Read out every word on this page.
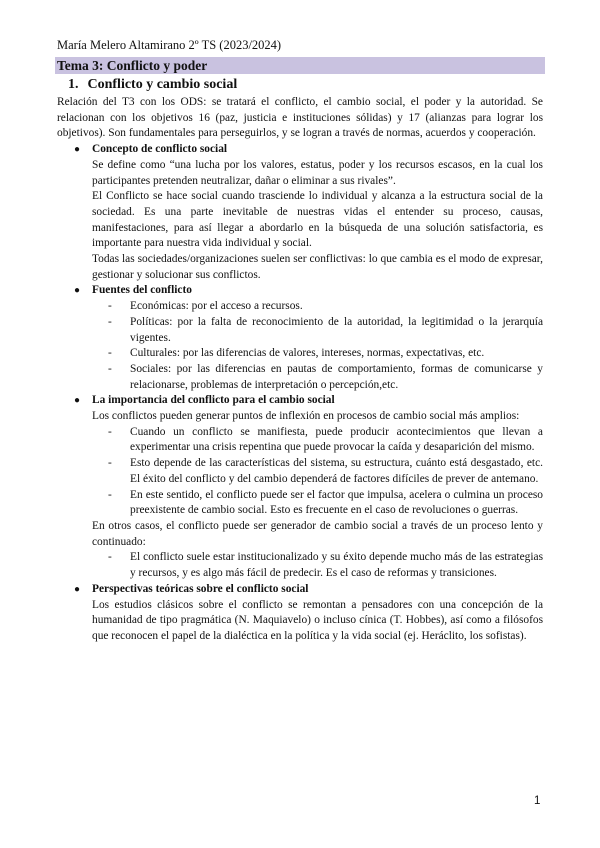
María Melero Altamirano 2º TS (2023/2024)
Tema 3: Conflicto y poder
1. Conflicto y cambio social

Relación del T3 con los ODS: se tratará el conflicto, el cambio social, el poder y la autoridad. Se relacionan con los objetivos 16 (paz, justicia e instituciones sólidas) y 17 (alianzas para lograr los objetivos). Son fundamentales para perseguirlos, y se logran a través de normas, acuerdos y cooperación.

● Concepto de conflicto social

Se define como “una lucha por los valores, estatus, poder y los recursos escasos, en la cual los participantes pretenden neutralizar, dañar o eliminar a sus rivales”.

El Conflicto se hace social cuando trasciende lo individual y alcanza a la estructura social de la sociedad. Es una parte inevitable de nuestras vidas el entender su proceso, causas, manifestaciones, para así llegar a abordarlo en la búsqueda de una solución satisfactoria, es importante para nuestra vida individual y social.

Todas las sociedades/organizaciones suelen ser conflictivas: lo que cambia es el modo de expresar, gestionar y solucionar sus conflictos.

● Fuentes del conflicto
- Económicas: por el acceso a recursos.
- Políticas: por la falta de reconocimiento de la autoridad, la legitimidad o la jerarquía vigentes.
- Culturales: por las diferencias de valores, intereses, normas, expectativas, etc.
- Sociales: por las diferencias en pautas de comportamiento, formas de comunicarse y relacionarse, problemas de interpretación o percepción,etc.
● La importancia del conflicto para el cambio social

Los conflictos pueden generar puntos de inflexión en procesos de cambio social más amplios:

- Cuando un conflicto se manifiesta, puede producir acontecimientos que llevan a experimentar una crisis repentina que puede provocar la caída y desaparición del mismo.
- Esto depende de las características del sistema, su estructura, cuánto está desgastado, etc. El éxito del conflicto y del cambio dependerá de factores difíciles de prever de antemano.
- En este sentido, el conflicto puede ser el factor que impulsa, acelera o culmina un proceso preexistente de cambio social. Esto es frecuente en el caso de revoluciones o guerras.

En otros casos, el conflicto puede ser generador de cambio social a través de un proceso lento y continuado:

- El conflicto suele estar institucionalizado y su éxito depende mucho más de las estrategias y recursos, y es algo más fácil de predecir. Es el caso de reformas y transiciones.
● Perspectivas teóricas sobre el conflicto social

Los estudios clásicos sobre el conflicto se remontan a pensadores con una concepción de la humanidad de tipo pragmática (N. Maquiavelo) o incluso cínica (T. Hobbes), así como a filósofos que reconocen el papel de la dialéctica en la política y la vida social (ej. Heráclito, los sofistas).

1
